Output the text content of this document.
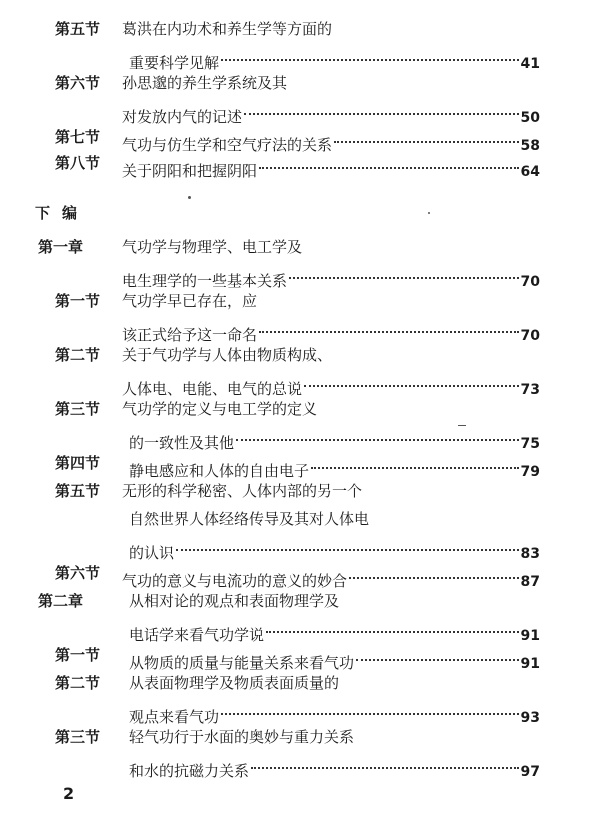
第五节 葛洪在内功术和养生学等方面的
重要科学见解	41
第六节 孙思邈的养生学系统及其
对发放内气的记述	50
第七节 气功与仿生学和空气疗法的关系	58
第八节 关于阴阳和把握阴阳	64
下编
第一章	气功学与物理学、电工学及
电生理学的一些基本关系	70
第一节 气功学早已存在，应
该正式给予这一命名	70
第二节 关于气功学与人体由物质构成、
人体电、电能、电气的总说	73
第三节 气功学的定义与电工学的定义
的一致性及其他	75
第四节 静电感应和人体的自由电子	79
第五节 无形的科学秘密、人体内部的另一个
自然世界人体经络传导及其对人体电
的认识	83
第六节 气功的意义与电流功的意义的妙合	87
第二章	从相对论的观点和表面物理学及
电话学来看气功学说	91
第一节 从物质的质量与能量关系来看气功	91
第二节 从表面物理学及物质表面质量的
观点来看气功	93
第三节 轻气功行于水面的奥妙与重力关系
和水的抗磁力关系	97
2
